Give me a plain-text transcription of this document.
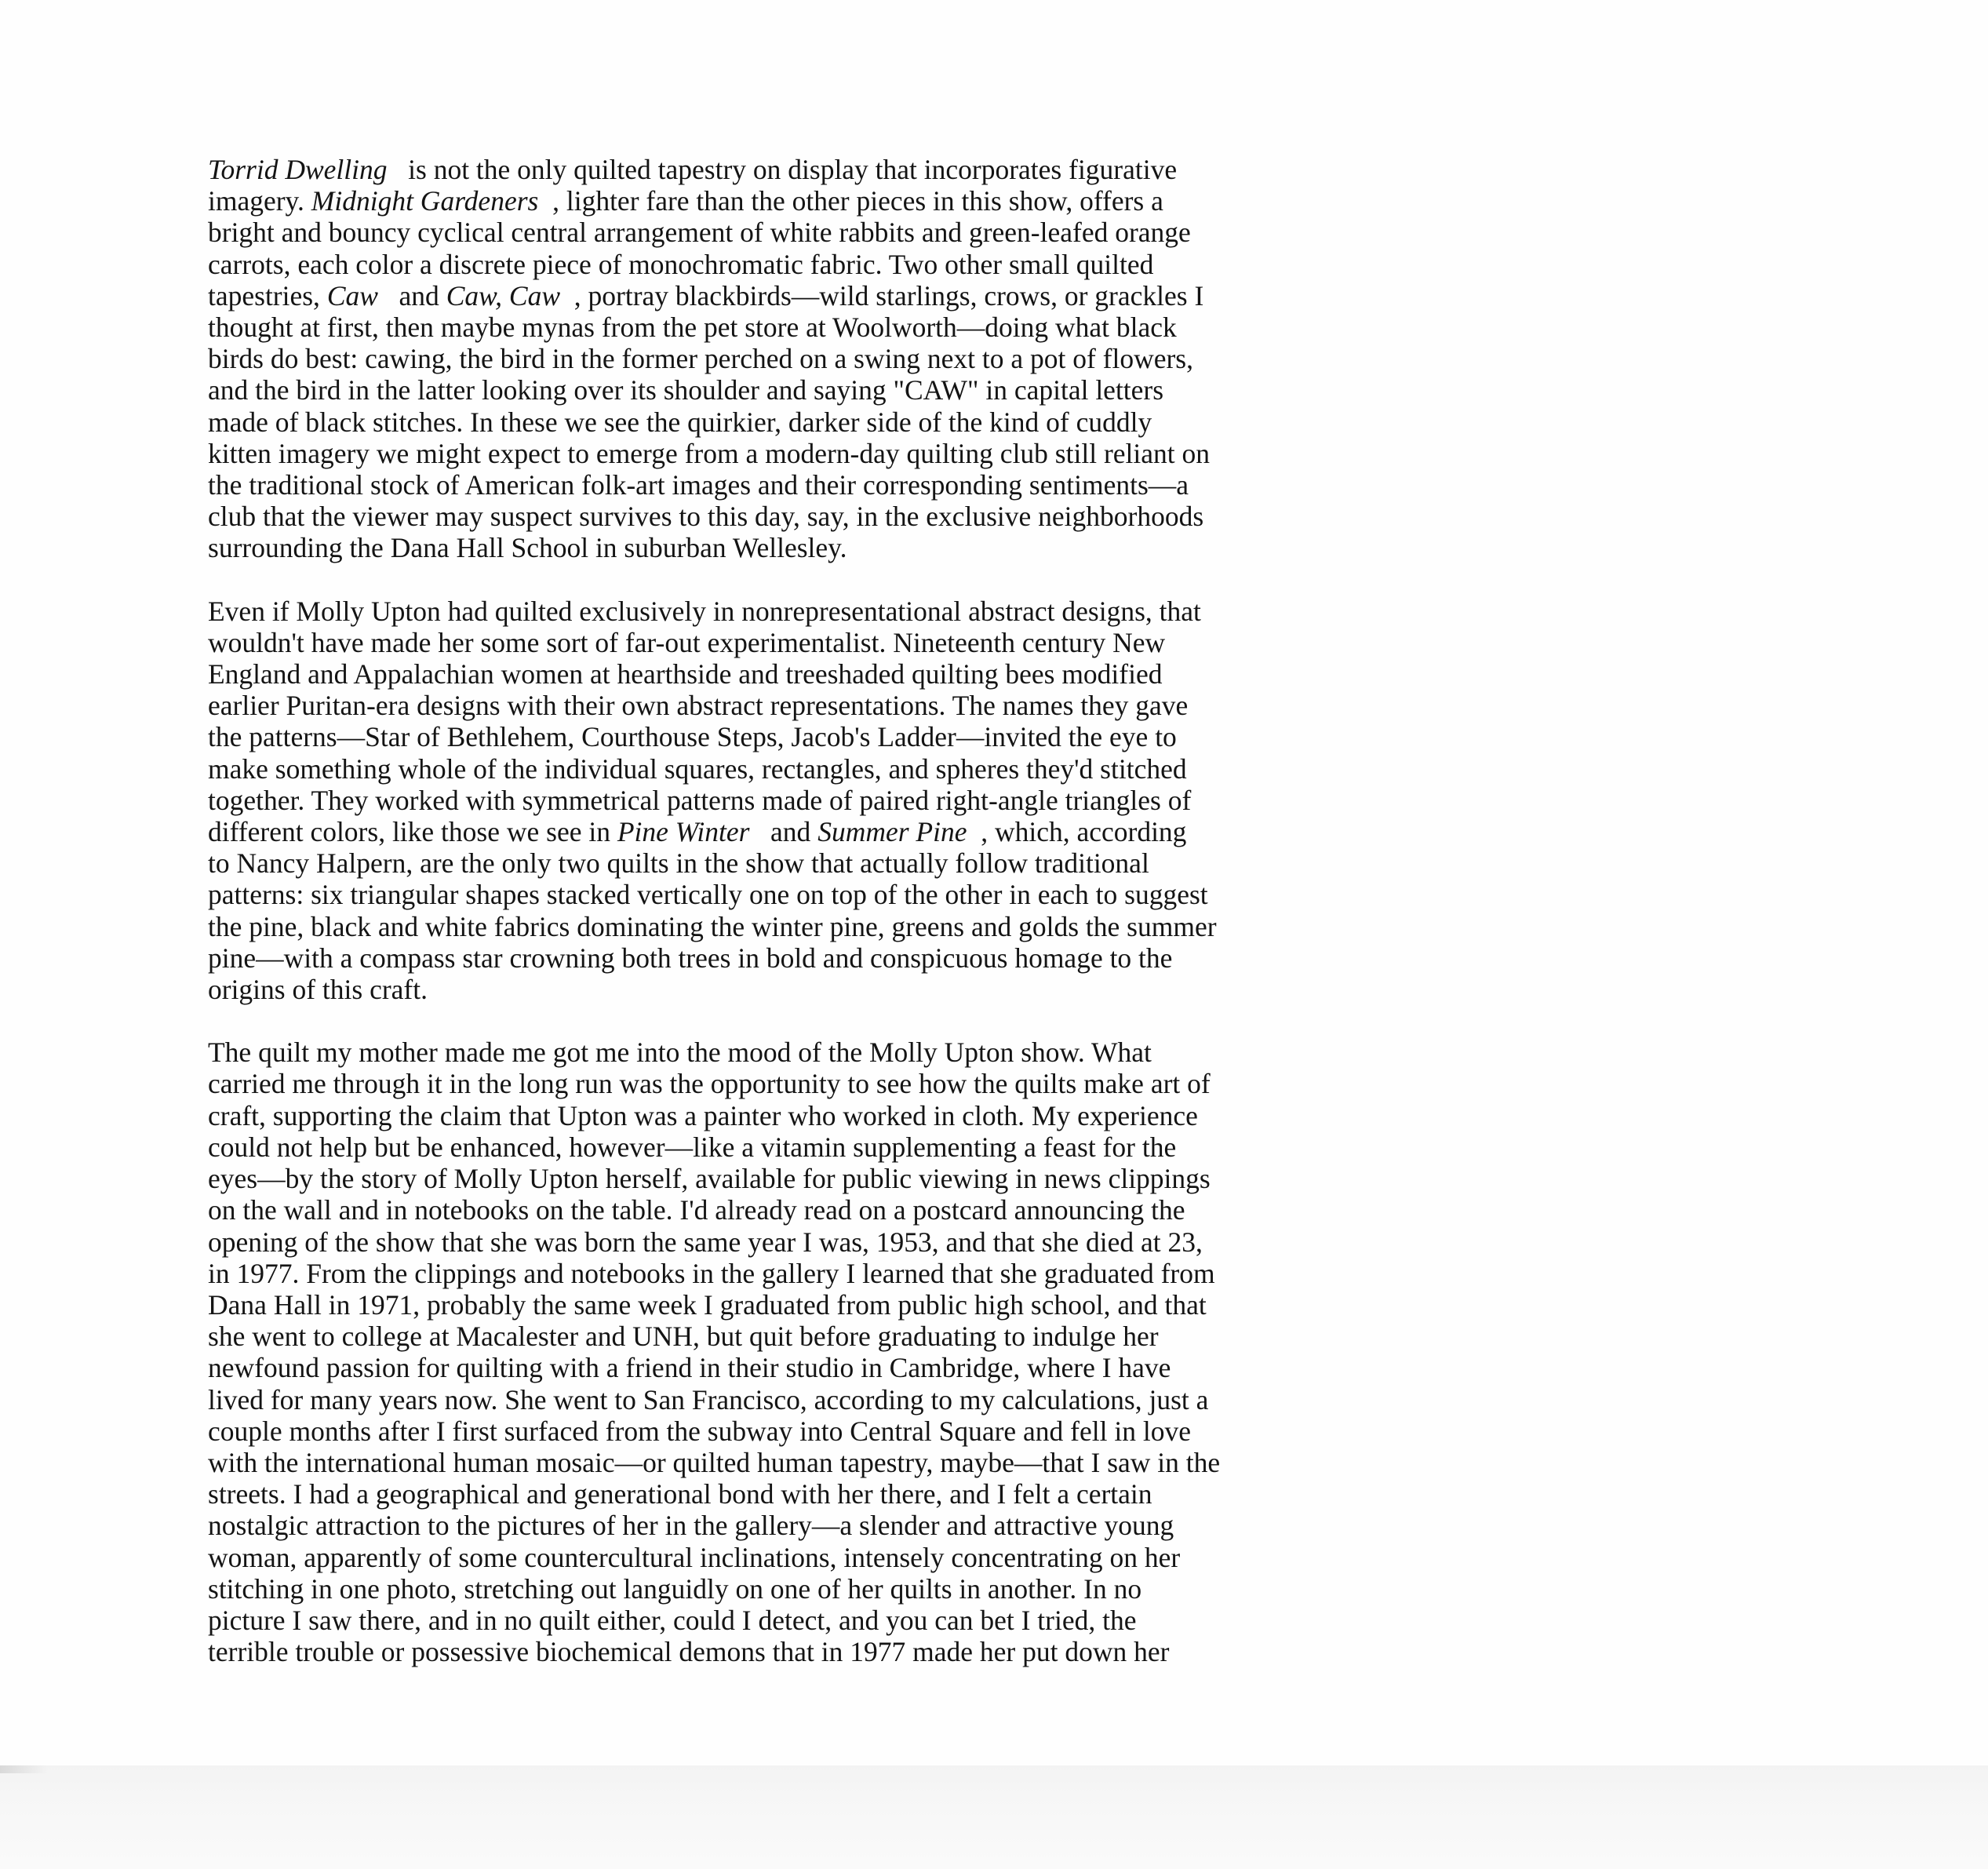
Torrid Dwelling   is not the only quilted tapestry on display that incorporates figurative
imagery. Midnight Gardeners  , lighter fare than the other pieces in this show, offers a
bright and bouncy cyclical central arrangement of white rabbits and green-leafed orange
carrots, each color a discrete piece of monochromatic fabric. Two other small quilted
tapestries, Caw   and Caw, Caw  , portray blackbirds—wild starlings, crows, or grackles I
thought at first, then maybe mynas from the pet store at Woolworth—doing what black
birds do best: cawing, the bird in the former perched on a swing next to a pot of flowers,
and the bird in the latter looking over its shoulder and saying "CAW" in capital letters
made of black stitches. In these we see the quirkier, darker side of the kind of cuddly
kitten imagery we might expect to emerge from a modern-day quilting club still reliant on
the traditional stock of American folk-art images and their corresponding sentiments—a
club that the viewer may suspect survives to this day, say, in the exclusive neighborhoods
surrounding the Dana Hall School in suburban Wellesley.

Even if Molly Upton had quilted exclusively in nonrepresentational abstract designs, that
wouldn't have made her some sort of far-out experimentalist. Nineteenth century New
England and Appalachian women at hearthside and treeshaded quilting bees modified
earlier Puritan-era designs with their own abstract representations. The names they gave
the patterns—Star of Bethlehem, Courthouse Steps, Jacob's Ladder—invited the eye to
make something whole of the individual squares, rectangles, and spheres they'd stitched
together. They worked with symmetrical patterns made of paired right-angle triangles of
different colors, like those we see in Pine Winter   and Summer Pine  , which, according
to Nancy Halpern, are the only two quilts in the show that actually follow traditional
patterns: six triangular shapes stacked vertically one on top of the other in each to suggest
the pine, black and white fabrics dominating the winter pine, greens and golds the summer
pine—with a compass star crowning both trees in bold and conspicuous homage to the
origins of this craft.

The quilt my mother made me got me into the mood of the Molly Upton show. What
carried me through it in the long run was the opportunity to see how the quilts make art of
craft, supporting the claim that Upton was a painter who worked in cloth. My experience
could not help but be enhanced, however—like a vitamin supplementing a feast for the
eyes—by the story of Molly Upton herself, available for public viewing in news clippings
on the wall and in notebooks on the table. I'd already read on a postcard announcing the
opening of the show that she was born the same year I was, 1953, and that she died at 23,
in 1977. From the clippings and notebooks in the gallery I learned that she graduated from
Dana Hall in 1971, probably the same week I graduated from public high school, and that
she went to college at Macalester and UNH, but quit before graduating to indulge her
newfound passion for quilting with a friend in their studio in Cambridge, where I have
lived for many years now. She went to San Francisco, according to my calculations, just a
couple months after I first surfaced from the subway into Central Square and fell in love
with the international human mosaic—or quilted human tapestry, maybe—that I saw in the
streets. I had a geographical and generational bond with her there, and I felt a certain
nostalgic attraction to the pictures of her in the gallery—a slender and attractive young
woman, apparently of some countercultural inclinations, intensely concentrating on her
stitching in one photo, stretching out languidly on one of her quilts in another. In no
picture I saw there, and in no quilt either, could I detect, and you can bet I tried, the
terrible trouble or possessive biochemical demons that in 1977 made her put down her
